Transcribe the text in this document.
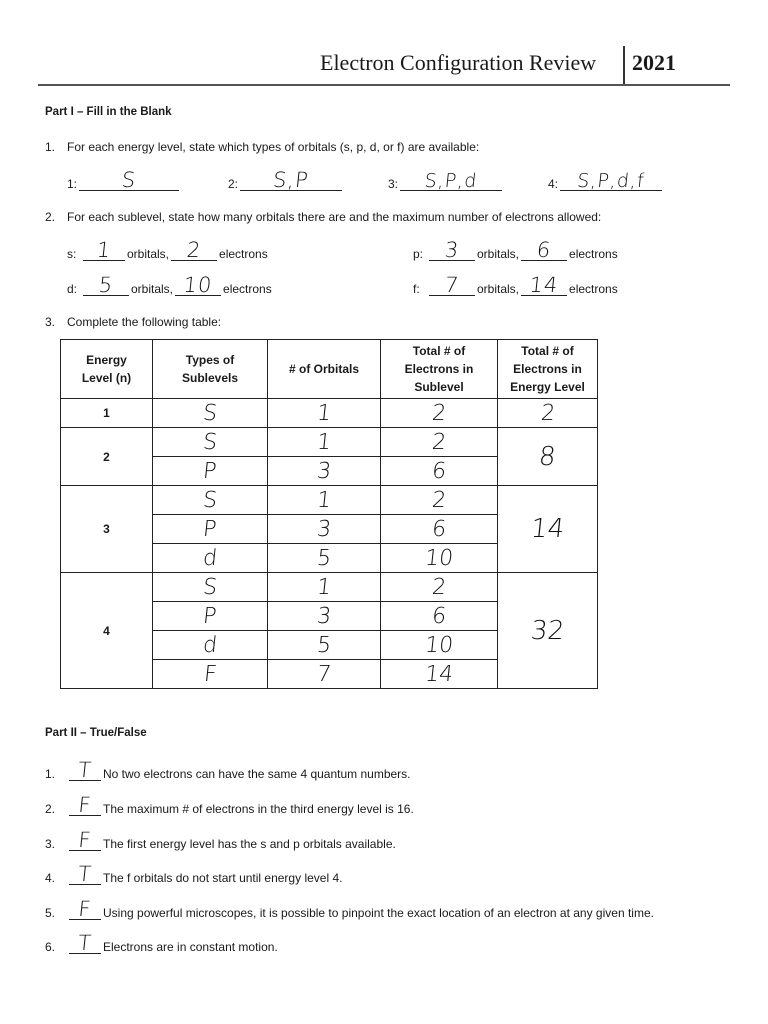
Electron Configuration Review 2021
Part I – Fill in the Blank
1. For each energy level, state which types of orbitals (s, p, d, or f) are available:
1:	S	2:	S,P	3:	S,P,d	4: S,P,d,f
2. For each sublevel, state how many orbitals there are and the maximum number of electrons allowed:
s: 1	orbitals, 2	electrons	p: 3	orbitals, 6	electrons
d: 5	orbitals, 10 electrons	f:	7	orbitals, 14 electrons
3. Complete the following table:
Energy Level (n)	Types of Sublevels	# of Orbitals	Total # of Electrons in Sublevel	Total # of Electrons in Energy Level

1	S	1	2	2
2	S	1	2	8
	P	3	6	
3	S	1	2	14
	P	3	6	
	d	5	10	
4	S	1	2	32
	P	3	6	
	d	5	10	
	F	7	14	
Part II – True/False
1.	T No two electrons can have the same 4 quantum numbers.
2.	F The maximum # of electrons in the third energy level is 16.
3.	F The first energy level has the s and p orbitals available.
4.	T The f orbitals do not start until energy level 4.
5.	F Using powerful microscopes, it is possible to pinpoint the exact location of an electron at any given time.
6.	T Electrons are in constant motion.
